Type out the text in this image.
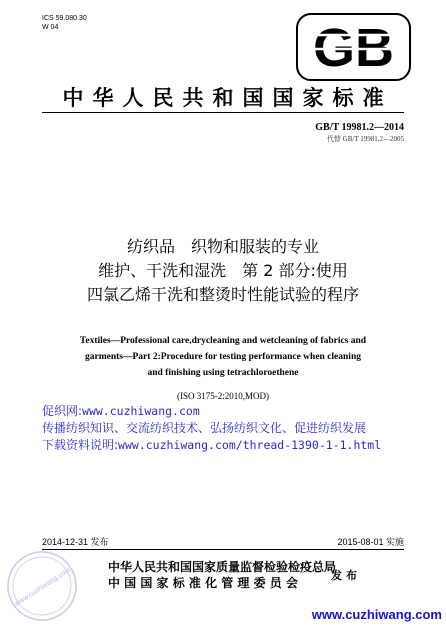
ICS 59.080.30
W 04	GB
中华人民共和国国家标准
GB/T 19981.2—2014
代替 GB/T 19981.2—2005
纺织品　织物和服装的专业
维护、干洗和湿洗　第 2 部分:使用
四氯乙烯干洗和整烫时性能试验的程序
Textiles—Professional care,drycleaning and wetcleaning of fabrics and
garments—Part 2:Procedure for testing performance when cleaning
and finishing using tetrachloroethene
(ISO 3175-2:2010,MOD)
促织网:www.cuzhiwang.com
传播纺织知识、交流纺织技术、弘扬纺织文化、促进纺织发展
下载资料说明:www.cuzhiwang.com/thread-1390-1-1.html
2014-12-31 发布	2015-08-01 实施
中华人民共和国国家质量监督检验检疫总局
中 国 国 家 标 准 化 管 理 委 员 会
发布
www.cuzhiwang.com
www.cuzhiwang.com
